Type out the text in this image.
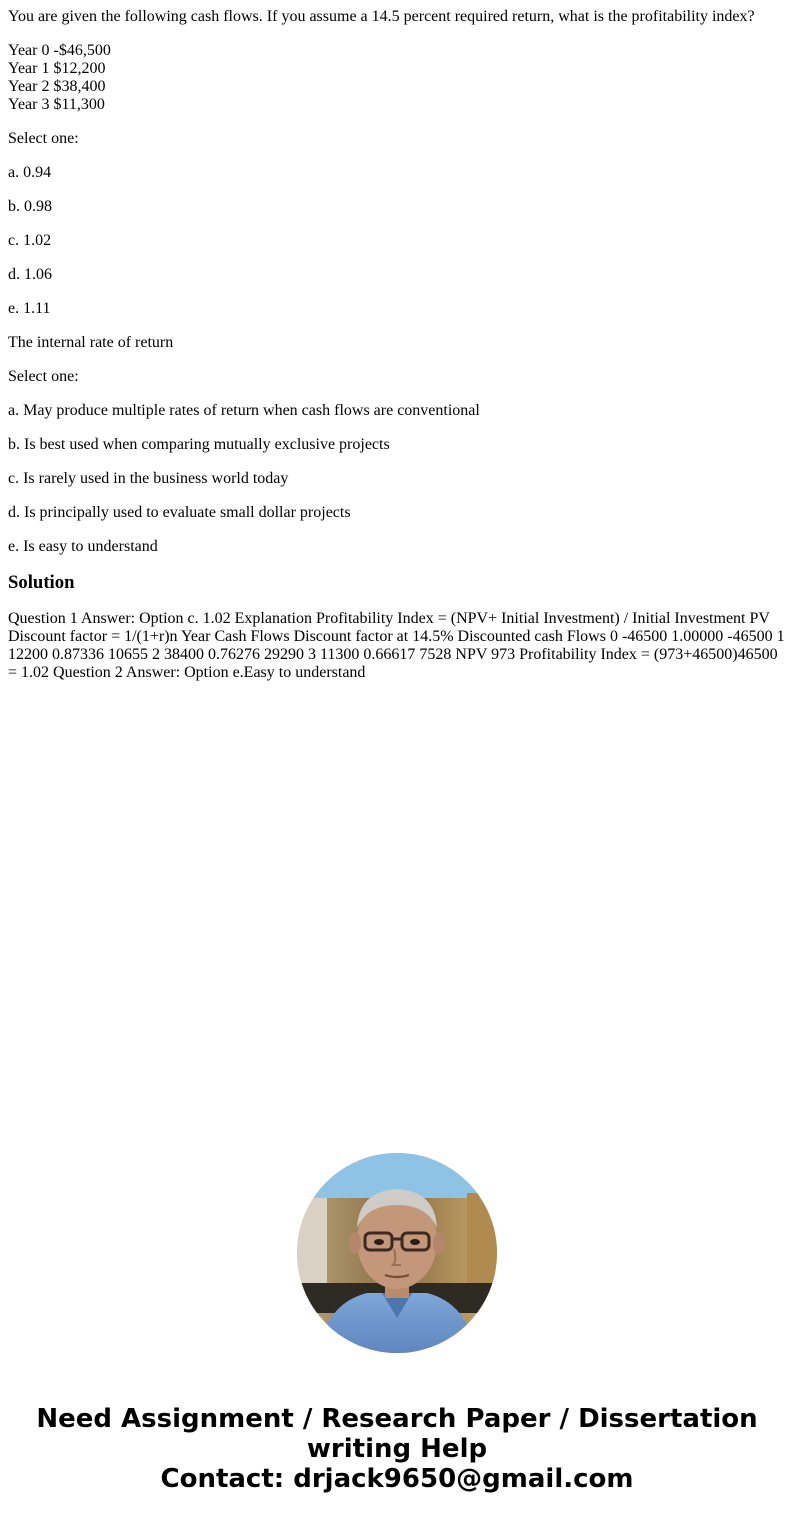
You are given the following cash flows. If you assume a 14.5 percent required return, what is the profitability index?

Year 0 -$46,500
Year 1 $12,200
Year 2 $38,400
Year 3 $11,300

Select one:

a. 0.94

b. 0.98

c. 1.02

d. 1.06

e. 1.11

The internal rate of return

Select one:

a. May produce multiple rates of return when cash flows are conventional

b. Is best used when comparing mutually exclusive projects

c. Is rarely used in the business world today

d. Is principally used to evaluate small dollar projects

e. Is easy to understand

Solution

Question 1 Answer: Option c. 1.02 Explanation Profitability Index = (NPV+ Initial Investment) / Initial Investment PV Discount factor = 1/(1+r)n Year Cash Flows Discount factor at 14.5% Discounted cash Flows 0 -46500 1.00000 -46500 1 12200 0.87336 10655 2 38400 0.76276 29290 3 11300 0.66617 7528 NPV 973 Profitability Index = (973+46500)46500 = 1.02 Question 2 Answer: Option e.Easy to understand

Need Assignment / Research Paper / Dissertation
writing Help
Contact: drjack9650@gmail.com
